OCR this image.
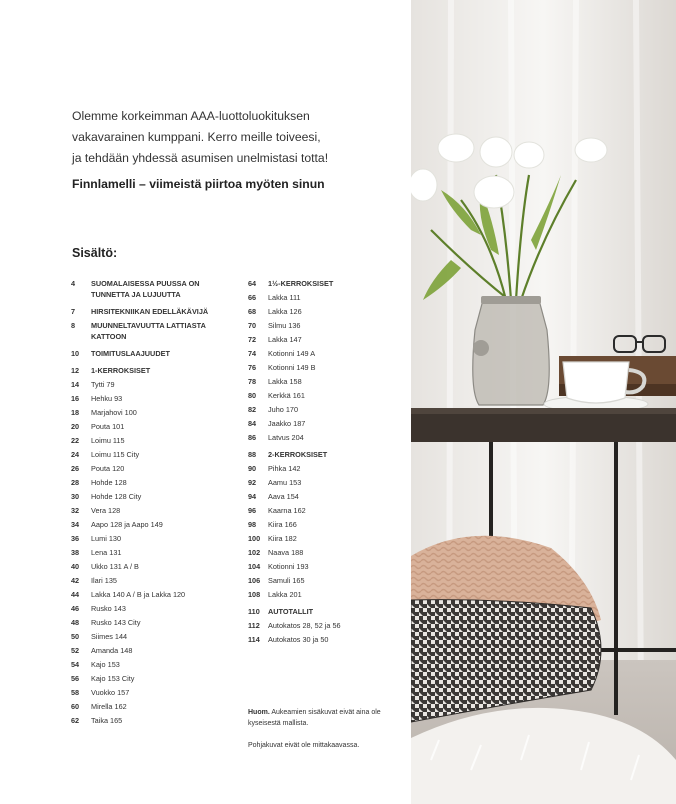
Olemme korkeimman AAA-luottoluokituksen
vakavarainen kumppani. Kerro meille toiveesi,
ja tehdään yhdessä asumisen unelmistasi totta!
Finnlamelli – viimeistä piirtoa myöten sinun
Sisältö:
4	SUOMALAISESSA PUUSSA ON
TUNNETTA JA LUJUUTTA
7	HIRSITEKNIIKAN EDELLÄKÄVIJÄ
8	MUUNNELTAVUUTTA LATTIASTA
KATTOON
10	TOIMITUSLAAJUUDET
12	1-KERROKSISET
14	Tytti 79
16	Hehku 93
18	Marjahovi 100
20	Pouta 101
22	Loimu 115
24	Loimu 115 City
26	Pouta 120
28	Hohde 128
30	Hohde 128 City
32	Vera 128
34	Aapo 128 ja Aapo 149
36	Lumi 130
38	Lena 131
40	Ukko 131 A / B
42	Ilari 135
44	Lakka 140 A / B ja Lakka 120
46	Rusko 143
48	Rusko 143 City
50	Siimes 144
52	Amanda 148
54	Kajo 153
56	Kajo 153 City
58	Vuokko 157
60	Mirella 162
62	Taika 165
64	1½-KERROKSISET
66	Lakka 111
68	Lakka 126
70	Silmu 136
72	Lakka 147
74	Kotionni 149 A
76	Kotionni 149 B
78	Lakka 158
80	Kerkkä 161
82	Juho 170
84	Jaakko 187
86	Latvus 204
88	2-KERROKSISET
90	Pihka 142
92	Aamu 153
94	Aava 154
96	Kaarna 162
98	Kiira 166
100	Kiira 182
102	Naava 188
104	Kotionni 193
106	Samuli 165
108	Lakka 201
110	AUTOTALLIT
112	Autokatos 28, 52 ja 56
114	Autokatos 30 ja 50

Huom. Aukeamien sisäkuvat eivät aina ole kyseisestä mallista.

Pohjakuvat eivät ole mittakaavassa.
